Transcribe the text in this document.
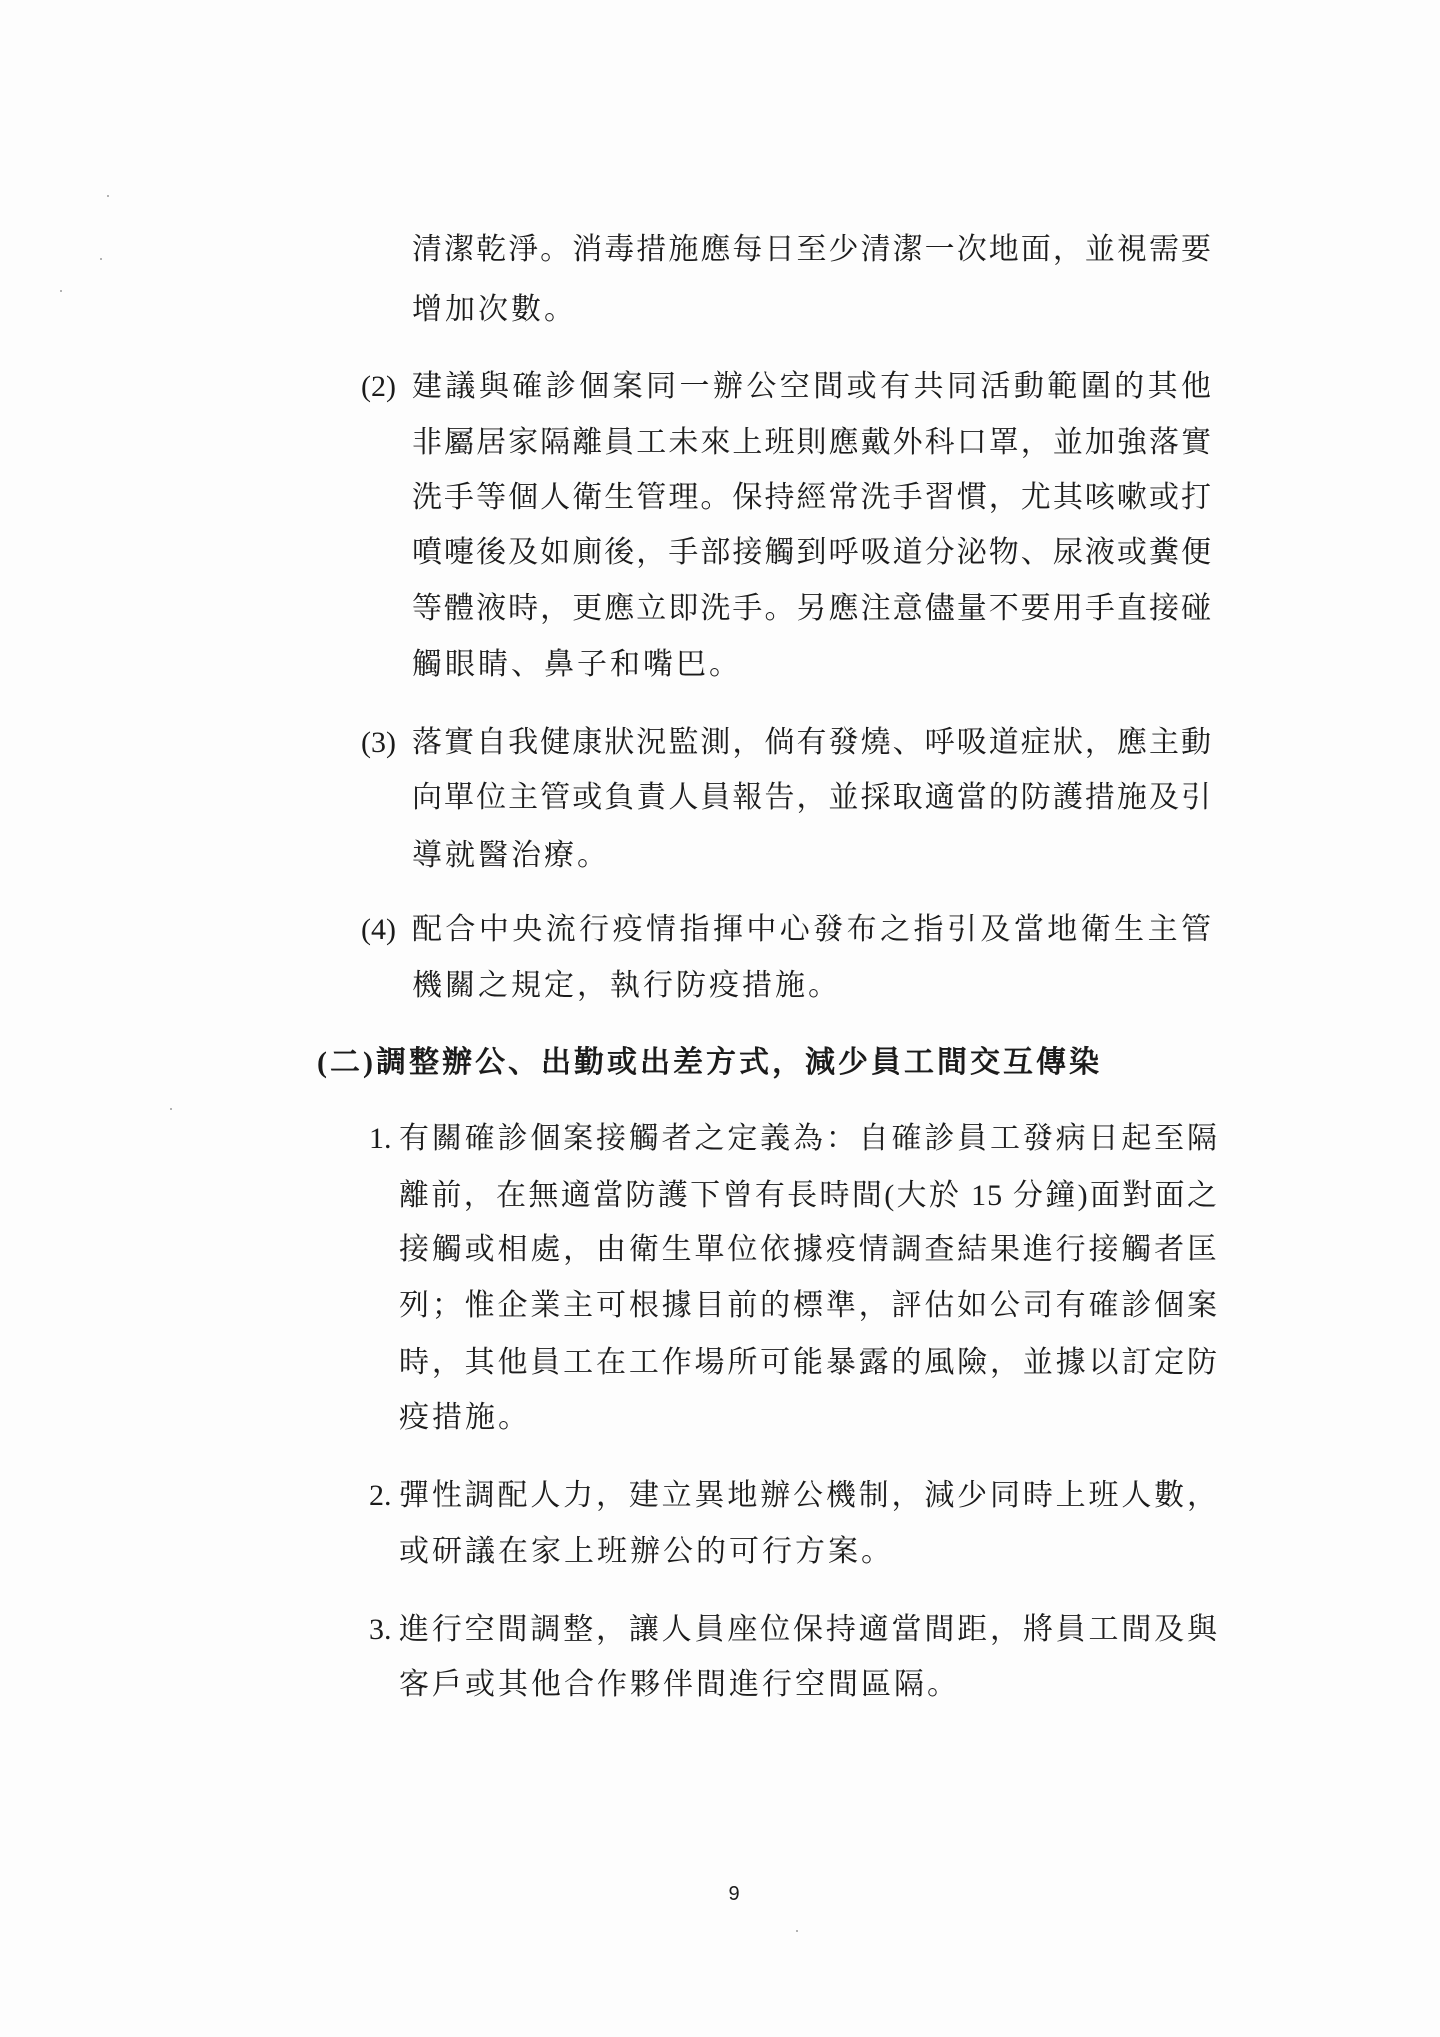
清潔乾淨。消毒措施應每日至少清潔一次地面，並視需要
增加次數。
(2) 建議與確診個案同一辦公空間或有共同活動範圍的其他
非屬居家隔離員工未來上班則應戴外科口罩，並加強落實
洗手等個人衛生管理。保持經常洗手習慣，尤其咳嗽或打
噴嚏後及如廁後，手部接觸到呼吸道分泌物、尿液或糞便
等體液時，更應立即洗手。另應注意儘量不要用手直接碰
觸眼睛、鼻子和嘴巴。
(3) 落實自我健康狀況監測，倘有發燒、呼吸道症狀，應主動
向單位主管或負責人員報告，並採取適當的防護措施及引
導就醫治療。
(4) 配合中央流行疫情指揮中心發布之指引及當地衛生主管
機關之規定，執行防疫措施。
(二)調整辦公、出勤或出差方式，減少員工間交互傳染
1. 有關確診個案接觸者之定義為：自確診員工發病日起至隔
離前，在無適當防護下曾有長時間(大於 15 分鐘)面對面之
接觸或相處，由衛生單位依據疫情調查結果進行接觸者匡
列；惟企業主可根據目前的標準，評估如公司有確診個案
時，其他員工在工作場所可能暴露的風險，並據以訂定防
疫措施。
2. 彈性調配人力，建立異地辦公機制，減少同時上班人數，
或研議在家上班辦公的可行方案。
3. 進行空間調整，讓人員座位保持適當間距，將員工間及與
客戶或其他合作夥伴間進行空間區隔。
9
